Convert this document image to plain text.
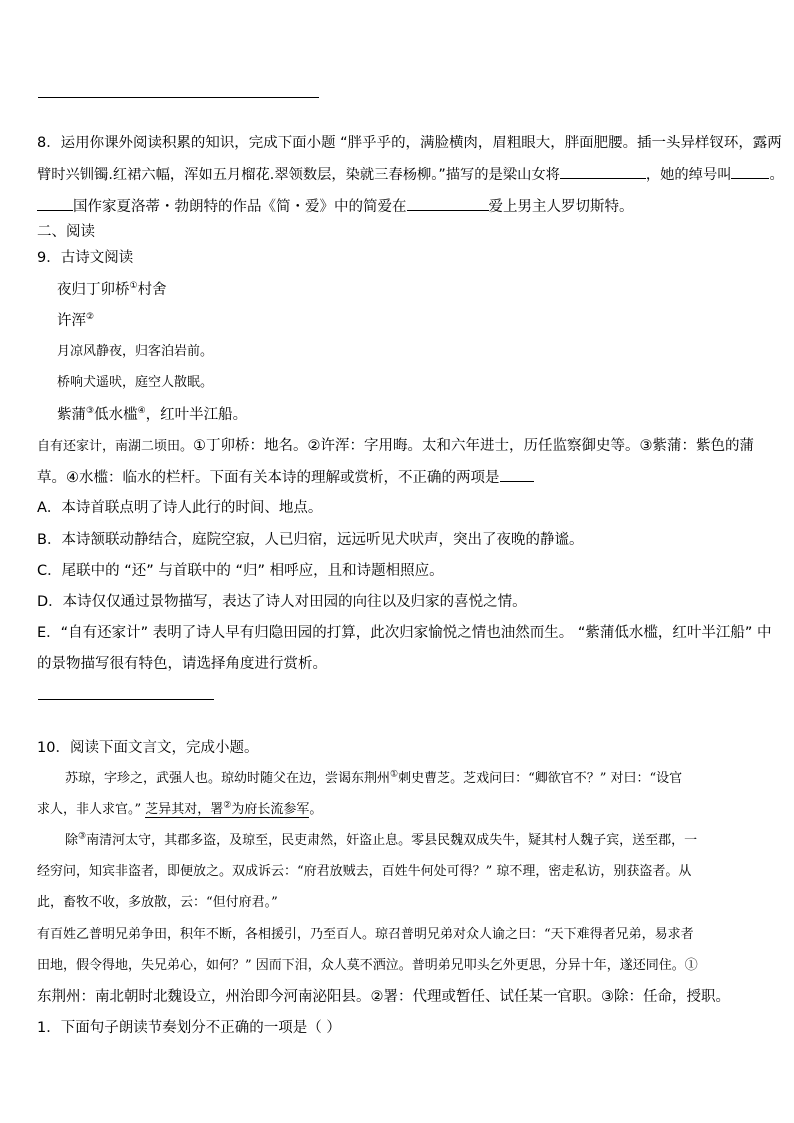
8．运用你课外阅读积累的知识，完成下面小题 “胖乎乎的，满脸横肉，眉粗眼大，胖面肥腰。插一头异样钗环，露两
臂时兴钏镯.红裙六幅，浑如五月榴花.翠领数层，染就三春杨柳。”描写的是梁山女将	，她的绰号叫	。
国作家夏洛蒂・勃朗特的作品《简・爱》中的简爱在	爱上男主人罗切斯特。
二、阅读
9．古诗文阅读
夜归丁卯桥①村舍
许浑②
月凉风静夜，归客泊岩前。
桥响犬遥吠，庭空人散眠。
紫蒲③低水槛④，红叶半江船。
自有还家计，南湖二顷田。①丁卯桥：地名。②许浑：字用晦。太和六年进士，历任监察御史等。③紫蒲：紫色的蒲
草。④水槛：临水的栏杆。下面有关本诗的理解或赏析，不正确的两项是
A．本诗首联点明了诗人此行的时间、地点。
B．本诗颔联动静结合，庭院空寂，人已归宿，远远听见犬吠声，突出了夜晚的静谧。
C．尾联中的 “还” 与首联中的 “归” 相呼应，且和诗题相照应。
D．本诗仅仅通过景物描写，表达了诗人对田园的向往以及归家的喜悦之情。
E．“自有还家计” 表明了诗人早有归隐田园的打算，此次归家愉悦之情也油然而生。 “紫蒲低水槛，红叶半江船” 中
的景物描写很有特色，请选择角度进行赏析。
10．阅读下面文言文，完成小题。
苏琼，字珍之，武强人也。琼幼时随父在边，尝谒东荆州①刺史曹芝。芝戏问曰：“卿欲官不？” 对曰：“设官
求人，非人求官。” 芝异其对，署②为府长流参军。
除③南清河太守，其郡多盗，及琼至，民吏肃然，奸盗止息。零县民魏双成失牛，疑其村人魏子宾，送至郡，一
经穷问，知宾非盗者，即便放之。双成诉云：“府君放贼去，百姓牛何处可得？” 琼不理，密走私访，别获盗者。从
此，畜牧不收，多放散，云：“但付府君。”
有百姓乙普明兄弟争田，积年不断，各相援引，乃至百人。琼召普明兄弟对众人谕之曰：“天下难得者兄弟，易求者
田地，假令得地，失兄弟心，如何？” 因而下泪，众人莫不洒泣。普明弟兄叩头乞外更思，分异十年，遂还同住。①
东荆州：南北朝时北魏设立，州治即今河南泌阳县。②署：代理或暂任、试任某一官职。③除：任命，授职。
1．下面句子朗读节奏划分不正确的一项是（ ）
